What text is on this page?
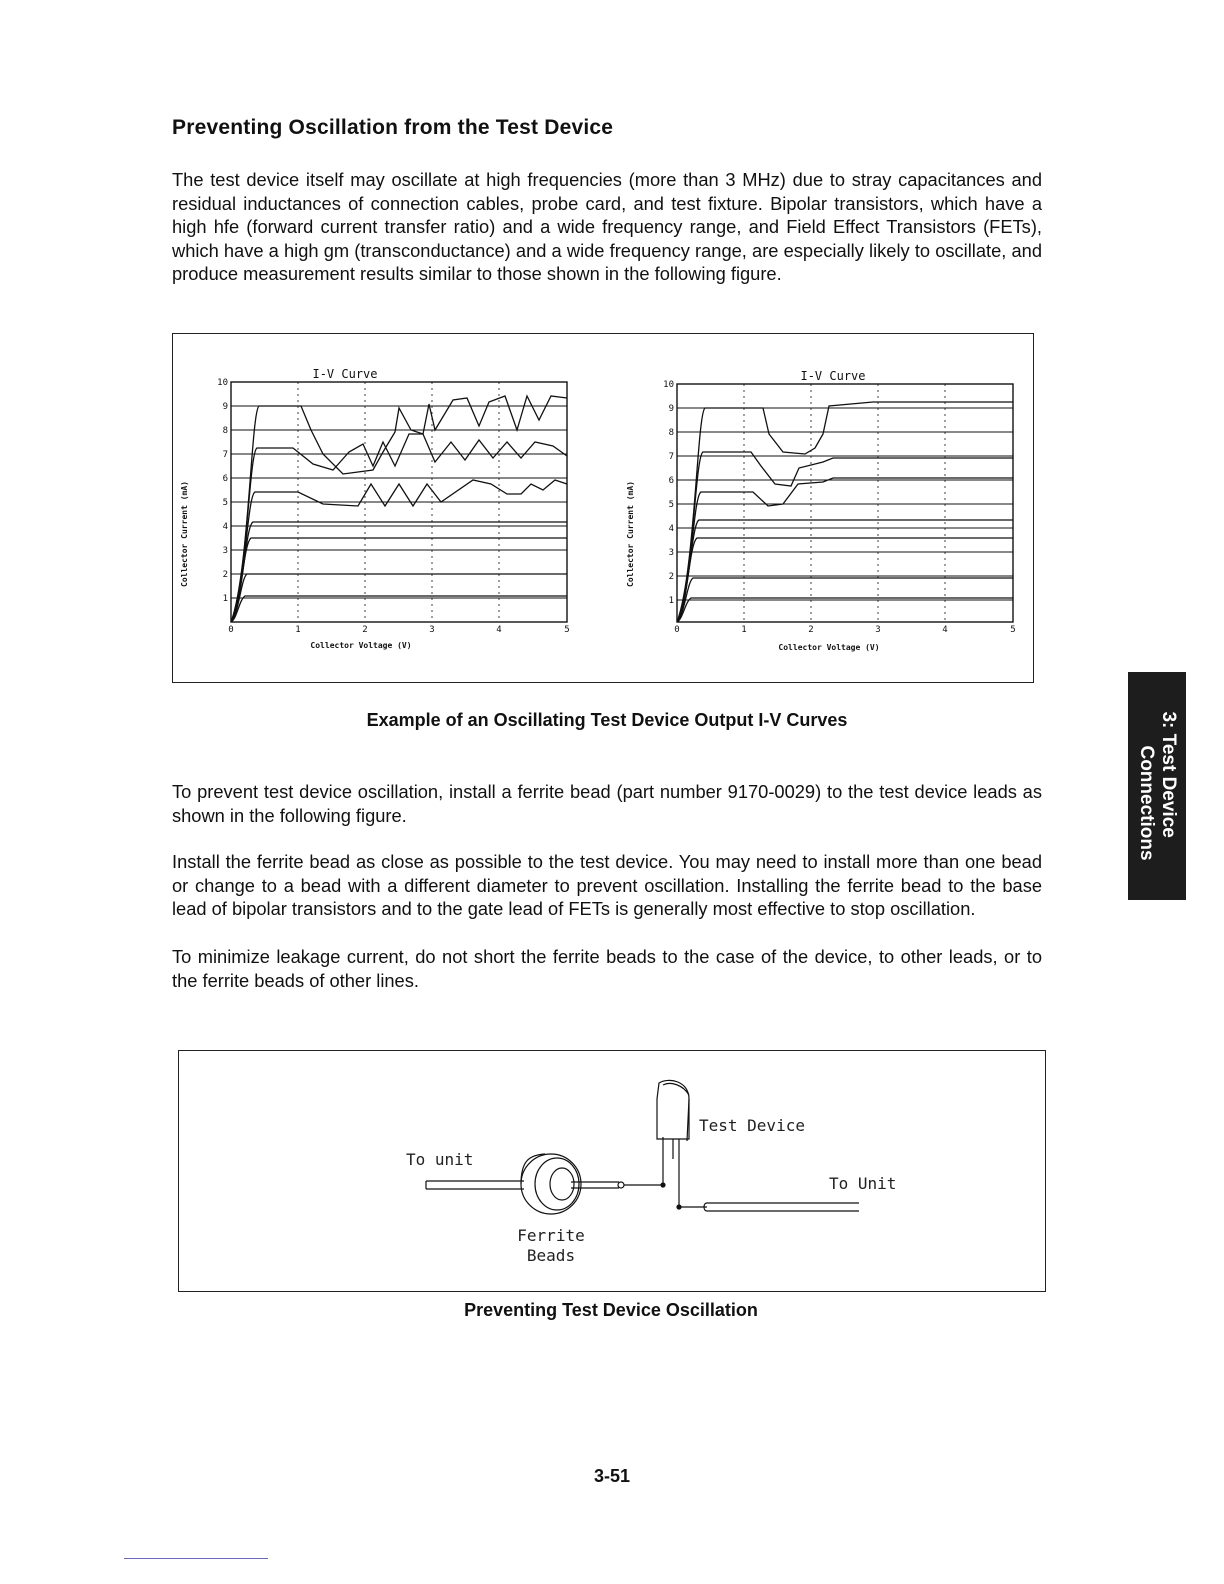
Preventing Oscillation from the Test Device

The test device itself may oscillate at high frequencies (more than 3 MHz) due to stray capacitances and residual inductances of connection cables, probe card, and test fixture. Bipolar transistors, which have a high hfe (forward current transfer ratio) and a wide frequency range, and Field Effect Transistors (FETs), which have a high gm (transconductance) and a wide frequency range, are especially likely to oscillate, and produce measurement results similar to those shown in the following figure.

I-V Curve
1
2
3
4
5
6
7
8
9
10
0	1	2	3	4	5
Collector Voltage (V)
Collector Current (mA)
I-V Curve
1
2
3
4
5
6
7
8
9
10
0	1	2	3	4	5
Collector Voltage (V)
Collector Current (mA)

Example of an Oscillating Test Device Output I-V Curves

To prevent test device oscillation, install a ferrite bead (part number 9170-0029) to the test device leads as shown in the following figure.

Install the ferrite bead as close as possible to the test device. You may need to install more than one bead or change to a bead with a different diameter to prevent oscillation. Installing the ferrite bead to the base lead of bipolar transistors and to the gate lead of FETs is generally most effective to stop oscillation.

To minimize leakage current, do not short the ferrite beads to the case of the device, to other leads, or to the ferrite beads of other lines.

To unit
Test Device
To Unit
Ferrite
Beads

Preventing Test Device Oscillation

3: Test Device
Connections

3-51
